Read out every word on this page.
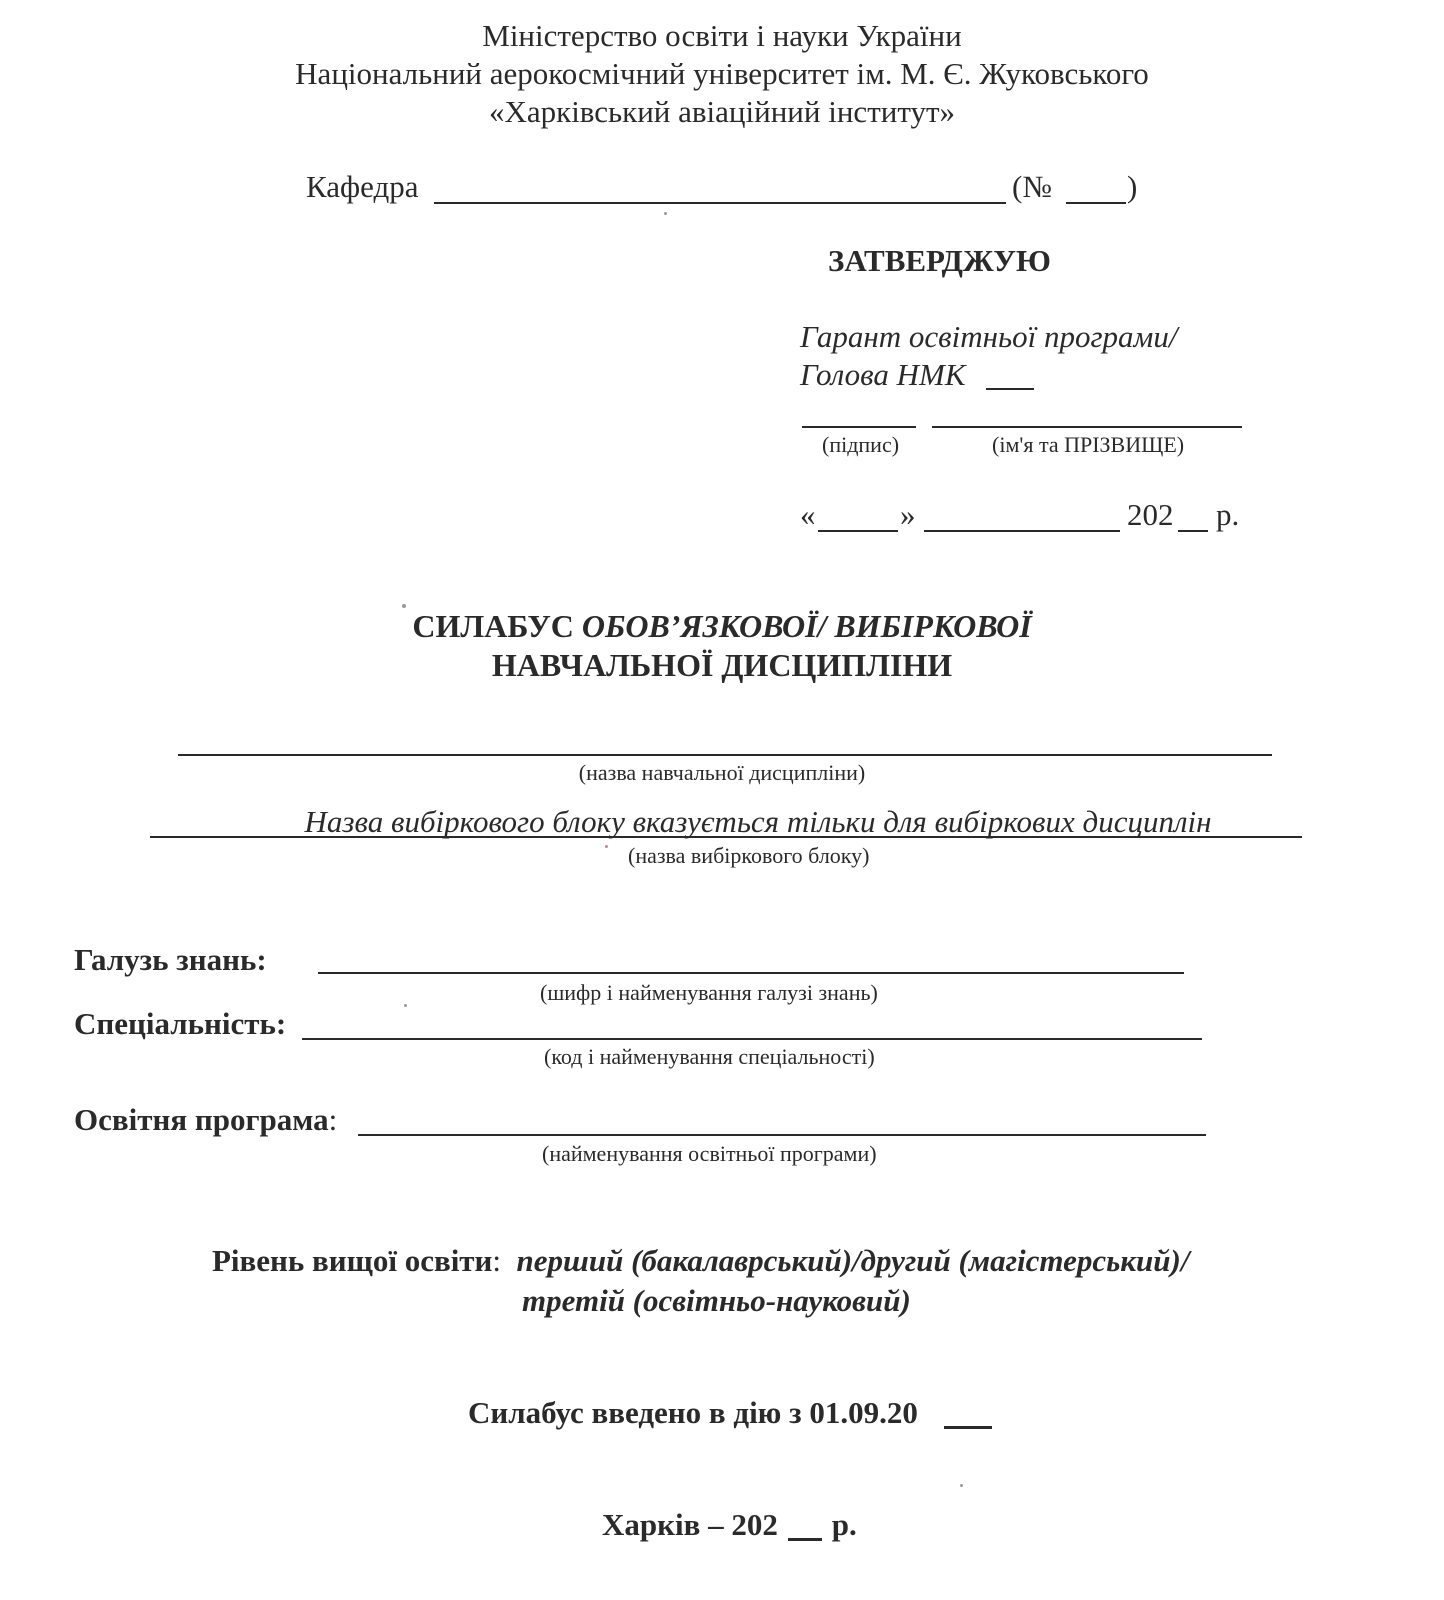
Міністерство освіти і науки України
Національний аерокосмічний університет ім. М. Є. Жуковського
«Харківський авіаційний інститут»
Кафедра	(№ )
ЗАТВЕРДЖУЮ
Гарант освітньої програми/
Голова НМК
(підпис)	(ім'я та ПРІЗВИЩЕ)
«	»	202 р.
СИЛАБУС ОБОВ’ЯЗКОВОЇ/ ВИБІРКОВОЇ
НАВЧАЛЬНОЇ ДИСЦИПЛІНИ
(назва навчальної дисципліни)
Назва вибіркового блоку вказується тільки для вибіркових дисциплін
(назва вибіркового блоку)
Галузь знань:
(шифр і найменування галузі знань)
Спеціальність:
(код і найменування спеціальності)
Освітня програма:
(найменування освітньої програми)
Рівень вищої освіти: перший (бакалаврський)/другий (магістерський)/
третій (освітньо-науковий)
Силабус введено в дію з 01.09.20
Харків – 202 р.
